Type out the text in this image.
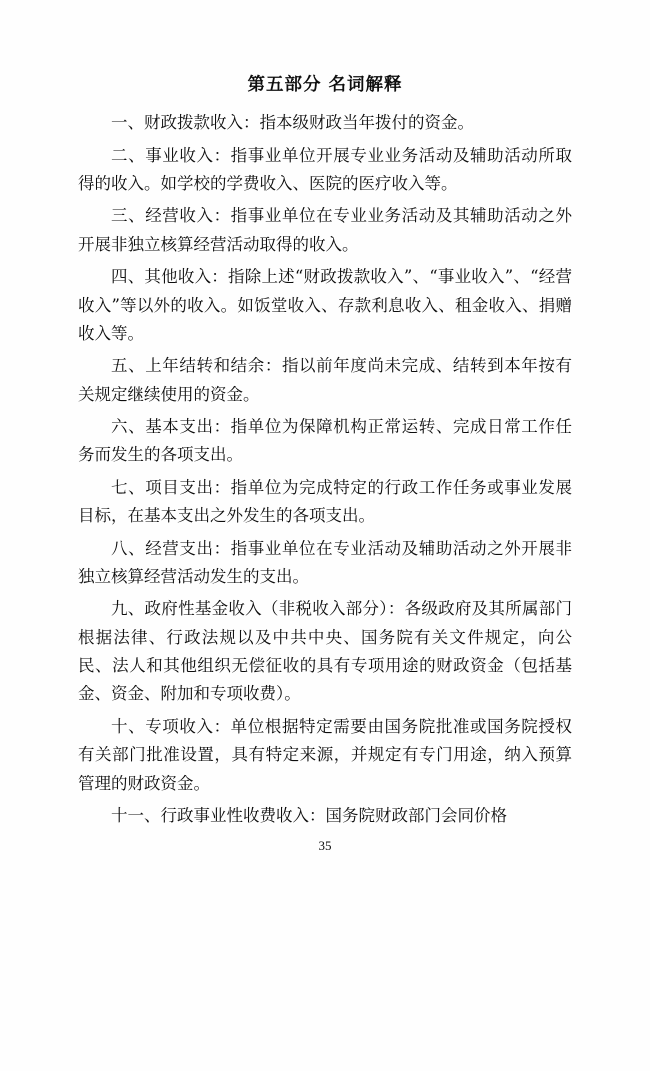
第五部分 名词解释

一、财政拨款收入：指本级财政当年拨付的资金。

二、事业收入：指事业单位开展专业业务活动及辅助活动所取得的收入。如学校的学费收入、医院的医疗收入等。

三、经营收入：指事业单位在专业业务活动及其辅助活动之外开展非独立核算经营活动取得的收入。

四、其他收入：指除上述“财政拨款收入”、“事业收入”、“经营收入”等以外的收入。如饭堂收入、存款利息收入、租金收入、捐赠收入等。

五、上年结转和结余：指以前年度尚未完成、结转到本年按有关规定继续使用的资金。

六、基本支出：指单位为保障机构正常运转、完成日常工作任务而发生的各项支出。

七、项目支出：指单位为完成特定的行政工作任务或事业发展目标，在基本支出之外发生的各项支出。

八、经营支出：指事业单位在专业活动及辅助活动之外开展非独立核算经营活动发生的支出。

九、政府性基金收入（非税收入部分）：各级政府及其所属部门根据法律、行政法规以及中共中央、国务院有关文件规定，向公民、法人和其他组织无偿征收的具有专项用途的财政资金（包括基金、资金、附加和专项收费）。

十、专项收入：单位根据特定需要由国务院批准或国务院授权有关部门批准设置，具有特定来源，并规定有专门用途，纳入预算管理的财政资金。

十一、行政事业性收费收入：国务院财政部门会同价格

35
